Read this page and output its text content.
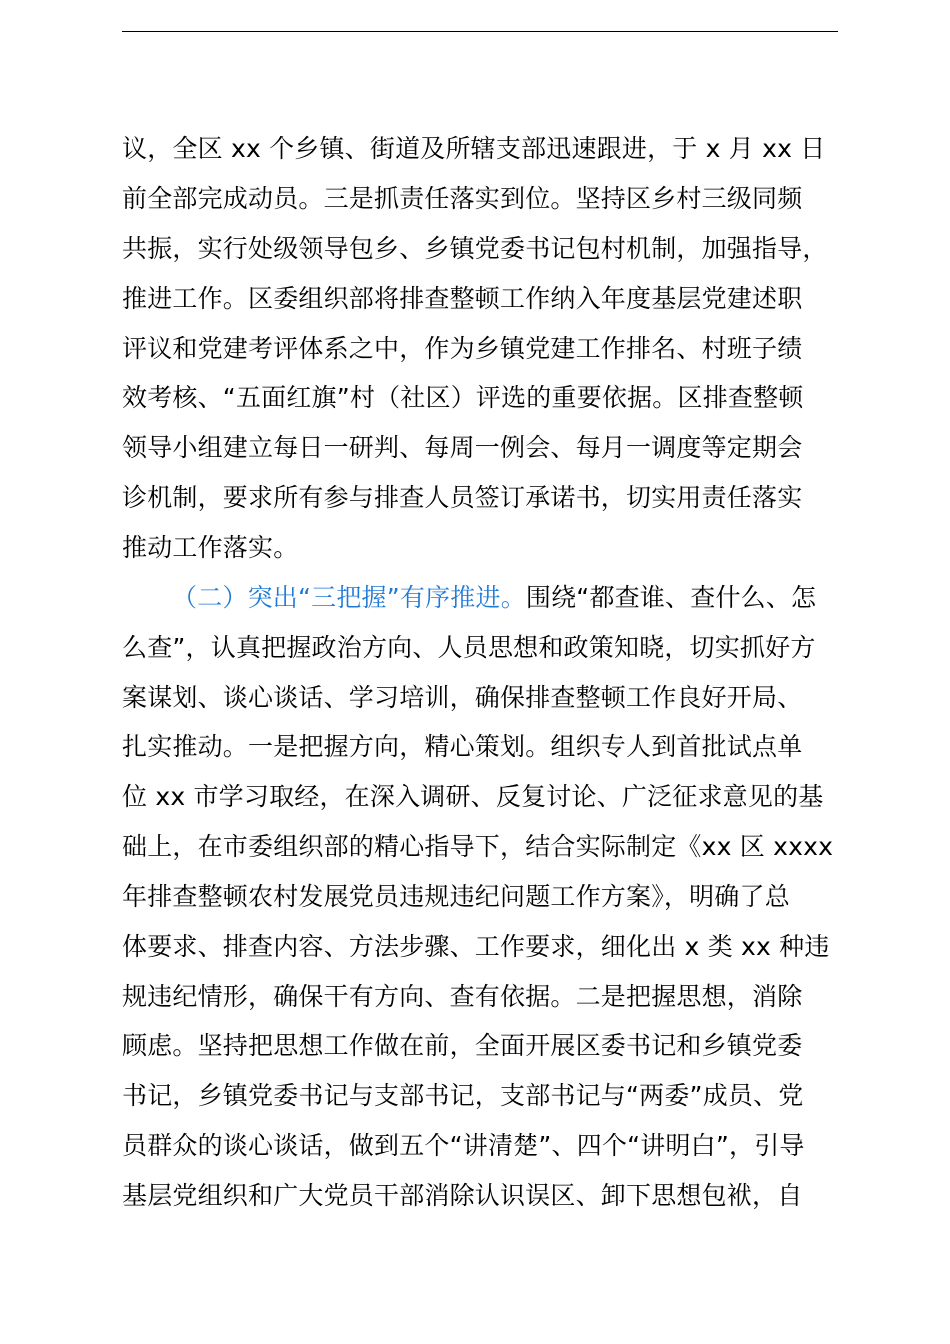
议，全区 xx 个乡镇、街道及所辖支部迅速跟进，于 x 月 xx 日
前全部完成动员。三是抓责任落实到位。坚持区乡村三级同频
共振，实行处级领导包乡、乡镇党委书记包村机制，加强指导，
推进工作。区委组织部将排查整顿工作纳入年度基层党建述职
评议和党建考评体系之中，作为乡镇党建工作排名、村班子绩
效考核、“五面红旗”村（社区）评选的重要依据。区排查整顿
领导小组建立每日一研判、每周一例会、每月一调度等定期会
诊机制，要求所有参与排查人员签订承诺书，切实用责任落实
推动工作落实。
（二）突出“三把握”有序推进。围绕“都查谁、查什么、怎
么查”，认真把握政治方向、人员思想和政策知晓，切实抓好方
案谋划、谈心谈话、学习培训，确保排查整顿工作良好开局、
扎实推动。一是把握方向，精心策划。组织专人到首批试点单
位 xx 市学习取经，在深入调研、反复讨论、广泛征求意见的基
础上，在市委组织部的精心指导下，结合实际制定《xx 区 xxxx
年排查整顿农村发展党员违规违纪问题工作方案》，明确了总
体要求、排查内容、方法步骤、工作要求，细化出 x 类 xx 种违
规违纪情形，确保干有方向、查有依据。二是把握思想，消除
顾虑。坚持把思想工作做在前，全面开展区委书记和乡镇党委
书记，乡镇党委书记与支部书记，支部书记与“两委”成员、党
员群众的谈心谈话，做到五个“讲清楚”、四个“讲明白”，引导
基层党组织和广大党员干部消除认识误区、卸下思想包袱，自
